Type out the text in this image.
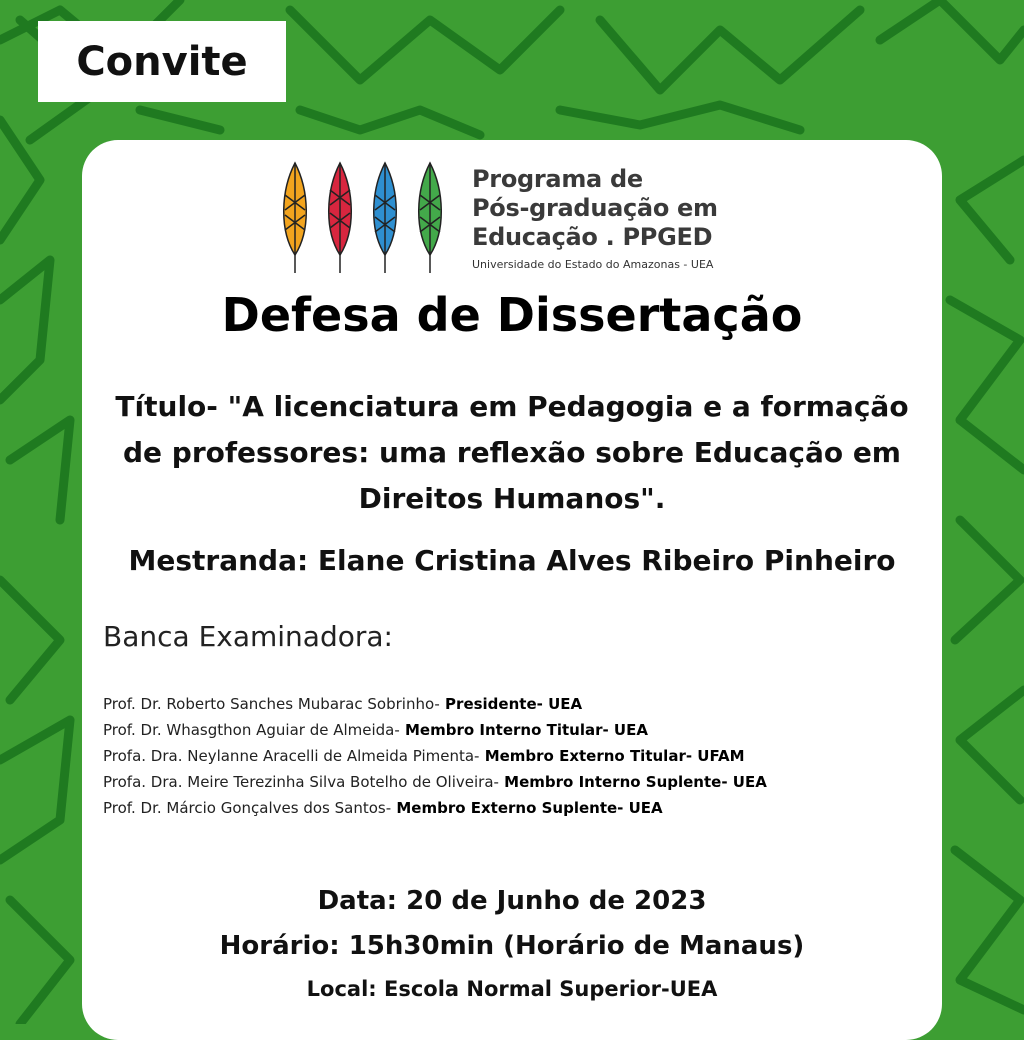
Convite
Programa de
Pós-graduação em
Educação . PPGED
Universidade do Estado do Amazonas - UEA
Defesa de Dissertação
Título- "A licenciatura em Pedagogia e a formação de professores: uma reflexão sobre Educação em Direitos Humanos".
Mestranda: Elane Cristina Alves Ribeiro Pinheiro
Banca Examinadora:
Prof. Dr. Roberto Sanches Mubarac Sobrinho- Presidente- UEA
Prof. Dr. Whasgthon Aguiar de Almeida- Membro Interno Titular- UEA
Profa. Dra. Neylanne Aracelli de Almeida Pimenta- Membro Externo Titular- UFAM
Profa. Dra. Meire Terezinha Silva Botelho de Oliveira- Membro Interno Suplente- UEA
Prof. Dr. Márcio Gonçalves dos Santos- Membro Externo Suplente- UEA
Data: 20 de Junho de 2023
Horário: 15h30min (Horário de Manaus)
Local: Escola Normal Superior-UEA
